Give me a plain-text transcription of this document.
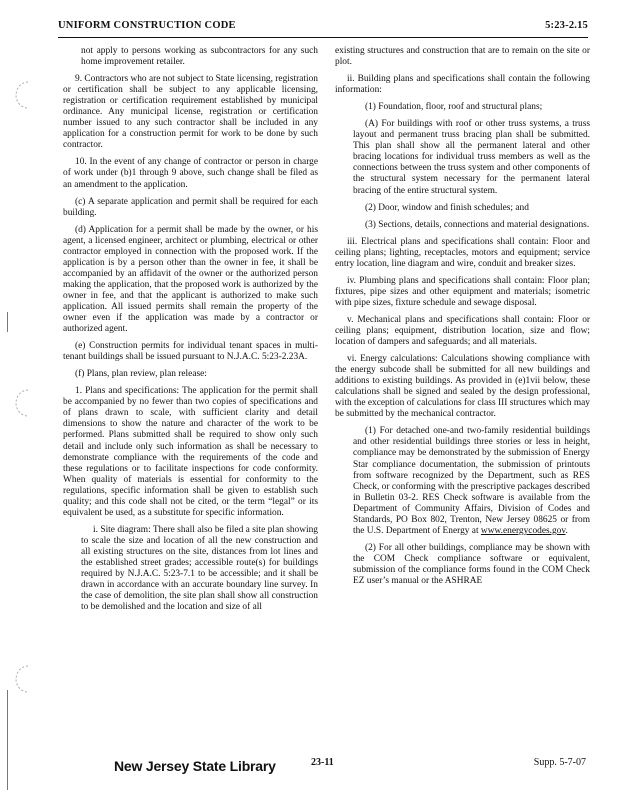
UNIFORM CONSTRUCTION CODE	5:23-2.15

not apply to persons working as subcontractors for any such home improvement retailer.

9. Contractors who are not subject to State licensing, registration or certification shall be subject to any applicable licensing, registration or certification requirement established by municipal ordinance. Any municipal license, registration or certification number issued to any such contractor shall be included in any application for a construction permit for work to be done by such contractor.

10. In the event of any change of contractor or person in charge of work under (b)1 through 9 above, such change shall be filed as an amendment to the application.

(c) A separate application and permit shall be required for each building.

(d) Application for a permit shall be made by the owner, or his agent, a licensed engineer, architect or plumbing, electrical or other contractor employed in connection with the proposed work. If the application is by a person other than the owner in fee, it shall be accompanied by an affidavit of the owner or the authorized person making the application, that the proposed work is authorized by the owner in fee, and that the applicant is authorized to make such application. All issued permits shall remain the property of the owner even if the application was made by a contractor or authorized agent.

(e) Construction permits for individual tenant spaces in multi-tenant buildings shall be issued pursuant to N.J.A.C. 5:23-2.23A.

(f) Plans, plan review, plan release:

1. Plans and specifications: The application for the permit shall be accompanied by no fewer than two copies of specifications and of plans drawn to scale, with sufficient clarity and detail dimensions to show the nature and character of the work to be performed. Plans submitted shall be required to show only such detail and include only such information as shall be necessary to demonstrate compliance with the requirements of the code and these regulations or to facilitate inspections for code conformity. When quality of materials is essential for conformity to the regulations, specific information shall be given to establish such quality; and this code shall not be cited, or the term “legal” or its equivalent be used, as a substitute for specific information.

i. Site diagram: There shall also be filed a site plan showing to scale the size and location of all the new construction and all existing structures on the site, distances from lot lines and the established street grades; accessible route(s) for buildings required by N.J.A.C. 5:23-7.1 to be accessible; and it shall be drawn in accordance with an accurate boundary line survey. In the case of demolition, the site plan shall show all construction to be demolished and the location and size of all

existing structures and construction that are to remain on the site or plot.

ii. Building plans and specifications shall contain the following information:

(1) Foundation, floor, roof and structural plans;

(A) For buildings with roof or other truss systems, a truss layout and permanent truss bracing plan shall be submitted. This plan shall show all the permanent lateral and other bracing locations for individual truss members as well as the connections between the truss system and other components of the structural system necessary for the permanent lateral bracing of the entire structural system.

(2) Door, window and finish schedules; and

(3) Sections, details, connections and material designations.

iii. Electrical plans and specifications shall contain: Floor and ceiling plans; lighting, receptacles, motors and equipment; service entry location, line diagram and wire, conduit and breaker sizes.

iv. Plumbing plans and specifications shall contain: Floor plan; fixtures, pipe sizes and other equipment and materials; isometric with pipe sizes, fixture schedule and sewage disposal.

v. Mechanical plans and specifications shall contain: Floor or ceiling plans; equipment, distribution location, size and flow; location of dampers and safeguards; and all materials.

vi. Energy calculations: Calculations showing compliance with the energy subcode shall be submitted for all new buildings and additions to existing buildings. As provided in (e)1vii below, these calculations shall be signed and sealed by the design professional, with the exception of calculations for class III structures which may be submitted by the mechanical contractor.

(1) For detached one-and two-family residential buildings and other residential buildings three stories or less in height, compliance may be demonstrated by the submission of Energy Star compliance documentation, the submission of printouts from software recognized by the Department, such as RES Check, or conforming with the prescriptive packages described in Bulletin 03-2. RES Check software is available from the Department of Community Affairs, Division of Codes and Standards, PO Box 802, Trenton, New Jersey 08625 or from the U.S. Department of Energy at www.energycodes.gov.

(2) For all other buildings, compliance may be shown with the COM Check compliance software or equivalent, submission of the compliance forms found in the COM Check EZ user’s manual or the ASHRAE

New Jersey State Library	23-11	Supp. 5-7-07
